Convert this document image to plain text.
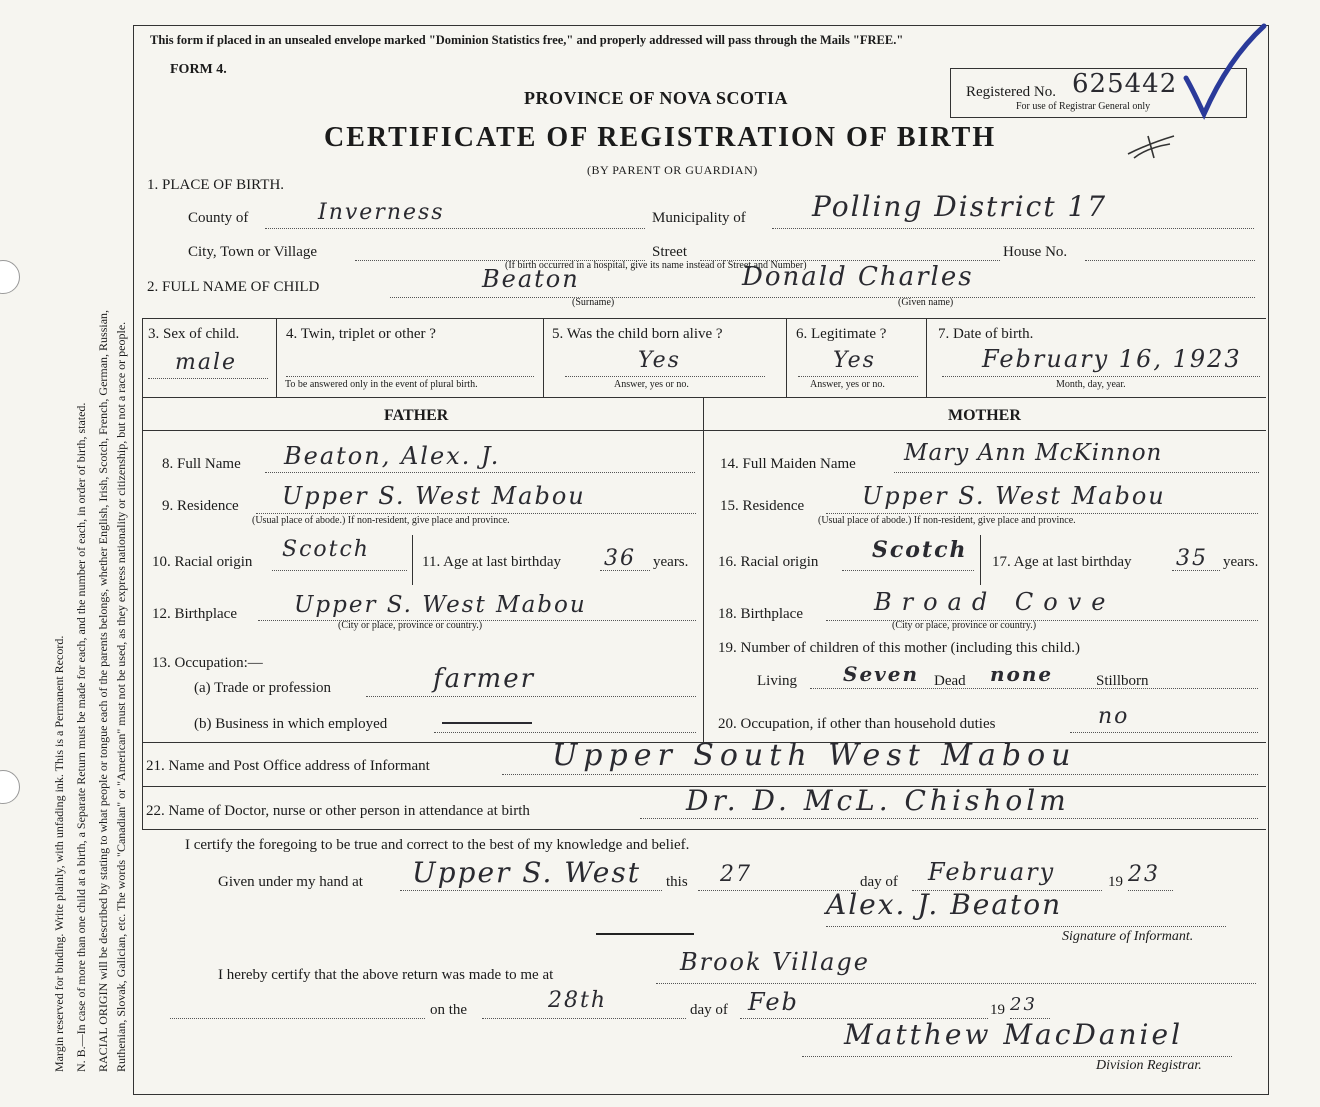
Margin reserved for binding. Write plainly, with unfading ink. This is a Permanent Record. N. B.—In case of more than one child at a birth, a Separate Return must be made for each, and the number of each, in order of birth, stated. RACIAL ORIGIN will be described by stating to what people or tongue each of the parents belongs, whether English, Irish, Scotch, French, German, Russian, Ruthenian, Slovak, Galician, etc. The words "Canadian" or "American" must not be used, as they express nationality or citizenship, but not a race or people.
This form if placed in an unsealed envelope marked "Dominion Statistics free," and properly addressed will pass through the Mails "FREE."
FORM 4.
PROVINCE OF NOVA SCOTIA
CERTIFICATE OF REGISTRATION OF BIRTH
(BY PARENT OR GUARDIAN)
Registered No. 625442
For use of Registrar General only
1. PLACE OF BIRTH.
County of	Inverness	Municipality of Polling District 17
City, Town or Village	Street	House No.
(If birth occurred in a hospital, give its name instead of Street and Number)
2. FULL NAME OF CHILD	Beaton	Donald Charles
(Surname)	(Given name)
3. Sex of child.
male
4. Twin, triplet or other ?
To be answered only in the event of plural birth.
5. Was the child born alive ?
Yes
Answer, yes or no.
6. Legitimate ?
Yes
Answer, yes or no.
7. Date of birth.
February 16, 1923
Month, day, year.
FATHER	MOTHER
8. Full Name Beaton, Alex. J.
9. Residence Upper S. West Mabou
(Usual place of abode.) If non-resident, give place and province.
10. Racial origin Scotch	11. Age at last birthday 36 years.
12. Birthplace Upper S. West Mabou
(City or place, province or country.)
13. Occupation:—
(a) Trade or profession	farmer
(b) Business in which employed
14. Full Maiden Name Mary Ann McKinnon
15. Residence Upper S. West Mabou
(Usual place of abode.) If non-resident, give place and province.
16. Racial origin Scotch 17. Age at last birthday 35 years.
18. Birthplace	Broad Cove
(City or place, province or country.)
19. Number of children of this mother (including this child.)
Living Seven Dead none	Stillborn
20. Occupation, if other than household duties	no
21. Name and Post Office address of Informant	Upper South West Mabou
22. Name of Doctor, nurse or other person in attendance at birth	Dr. D. McL. Chisholm
I certify the foregoing to be true and correct to the best of my knowledge and belief.
Given under my hand at Upper S. West this 27	day of February	19 23
Alex. J. Beaton
Signature of Informant.
I hereby certify that the above return was made to me at	Brook Village
on the	28th	day of Feb	19 23
Matthew MacDaniel
Division Registrar.
